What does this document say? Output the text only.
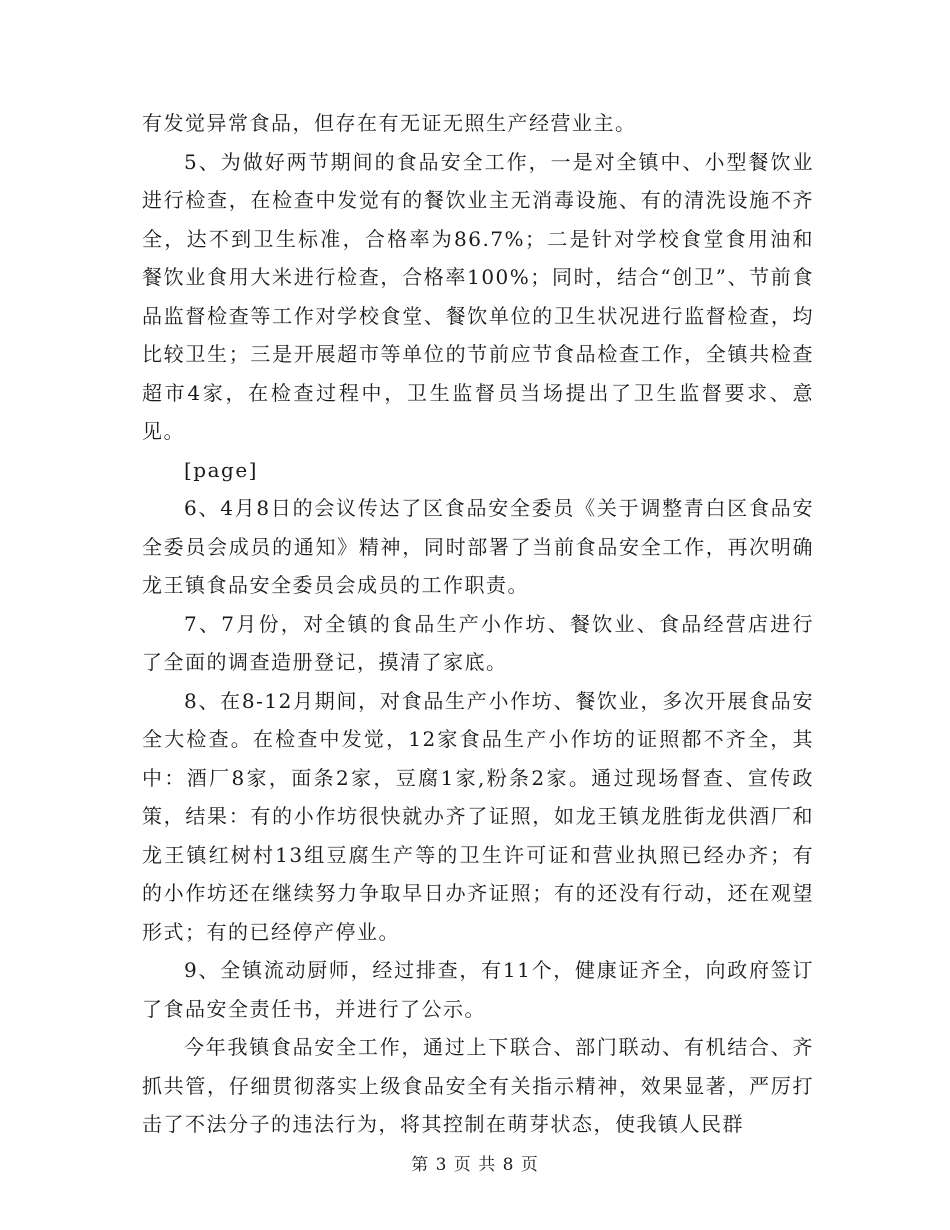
有发觉异常食品，但存在有无证无照生产经营业主。

5、为做好两节期间的食品安全工作，一是对全镇中、小型餐饮业进行检查，在检查中发觉有的餐饮业主无消毒设施、有的清洗设施不齐全，达不到卫生标准，合格率为86.7%；二是针对学校食堂食用油和餐饮业食用大米进行检查，合格率100%；同时，结合“创卫”、节前食品监督检查等工作对学校食堂、餐饮单位的卫生状况进行监督检查，均比较卫生；三是开展超市等单位的节前应节食品检查工作，全镇共检查超市4家，在检查过程中，卫生监督员当场提出了卫生监督要求、意见。

[page]

6、4月8日的会议传达了区食品安全委员《关于调整青白区食品安全委员会成员的通知》精神，同时部署了当前食品安全工作，再次明确龙王镇食品安全委员会成员的工作职责。

7、7月份，对全镇的食品生产小作坊、餐饮业、食品经营店进行了全面的调查造册登记，摸清了家底。

8、在8-12月期间，对食品生产小作坊、餐饮业，多次开展食品安全大检查。在检查中发觉，12家食品生产小作坊的证照都不齐全，其中：酒厂8家，面条2家，豆腐1家,粉条2家。通过现场督查、宣传政策，结果：有的小作坊很快就办齐了证照，如龙王镇龙胜街龙供酒厂和龙王镇红树村13组豆腐生产等的卫生许可证和营业执照已经办齐；有的小作坊还在继续努力争取早日办齐证照；有的还没有行动，还在观望形式；有的已经停产停业。

9、全镇流动厨师，经过排查，有11个，健康证齐全，向政府签订了食品安全责任书，并进行了公示。

今年我镇食品安全工作，通过上下联合、部门联动、有机结合、齐抓共管，仔细贯彻落实上级食品安全有关指示精神，效果显著，严厉打击了不法分子的违法行为，将其控制在萌芽状态，使我镇人民群

第 3 页 共 8 页
